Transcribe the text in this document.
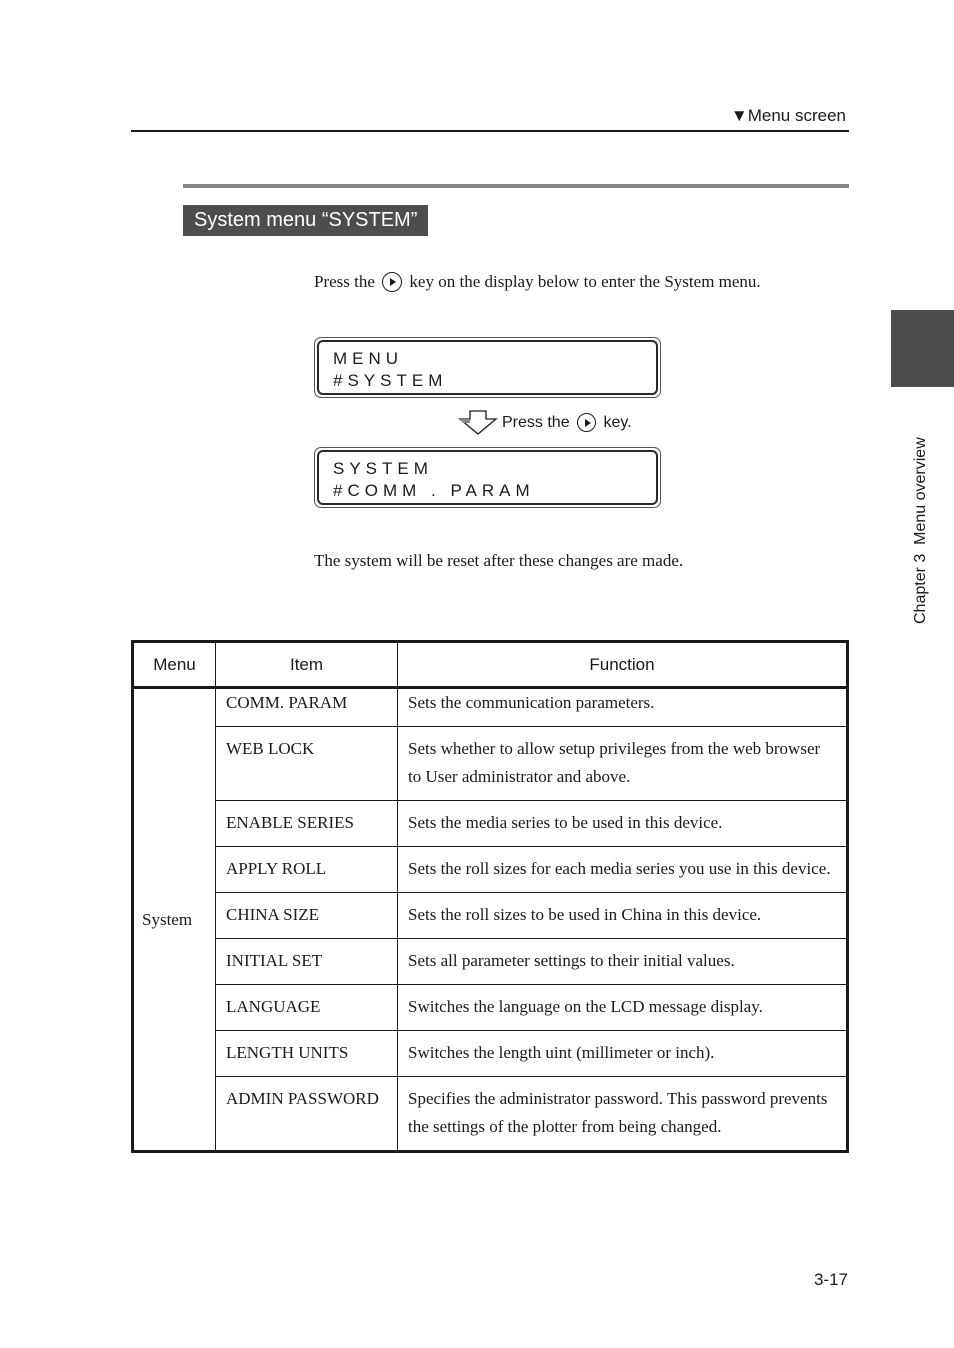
▼Menu screen
System menu “SYSTEM”
Press the key on the display below to enter the System menu.
MENU
#SYSTEM
Press the key.
SYSTEM
#COMM . PARAM
The system will be reset after these changes are made.	Chapter 3  Menu overview
Menu	Item	Function
System	COMM. PARAM	Sets the communication parameters.
	WEB LOCK	Sets whether to allow setup privileges from the web browser to User administrator and above.
	ENABLE SERIES	Sets the media series to be used in this device.
	APPLY ROLL	Sets the roll sizes for each media series you use in this device.
	CHINA SIZE	Sets the roll sizes to be used in China in this device.
	INITIAL SET	Sets all parameter settings to their initial values.
	LANGUAGE	Switches the language on the LCD message display.
	LENGTH UNITS	Switches the length uint (millimeter or inch).
	ADMIN PASSWORD	Specifies the administrator password. This password prevents the settings of the plotter from being changed.
3-17
